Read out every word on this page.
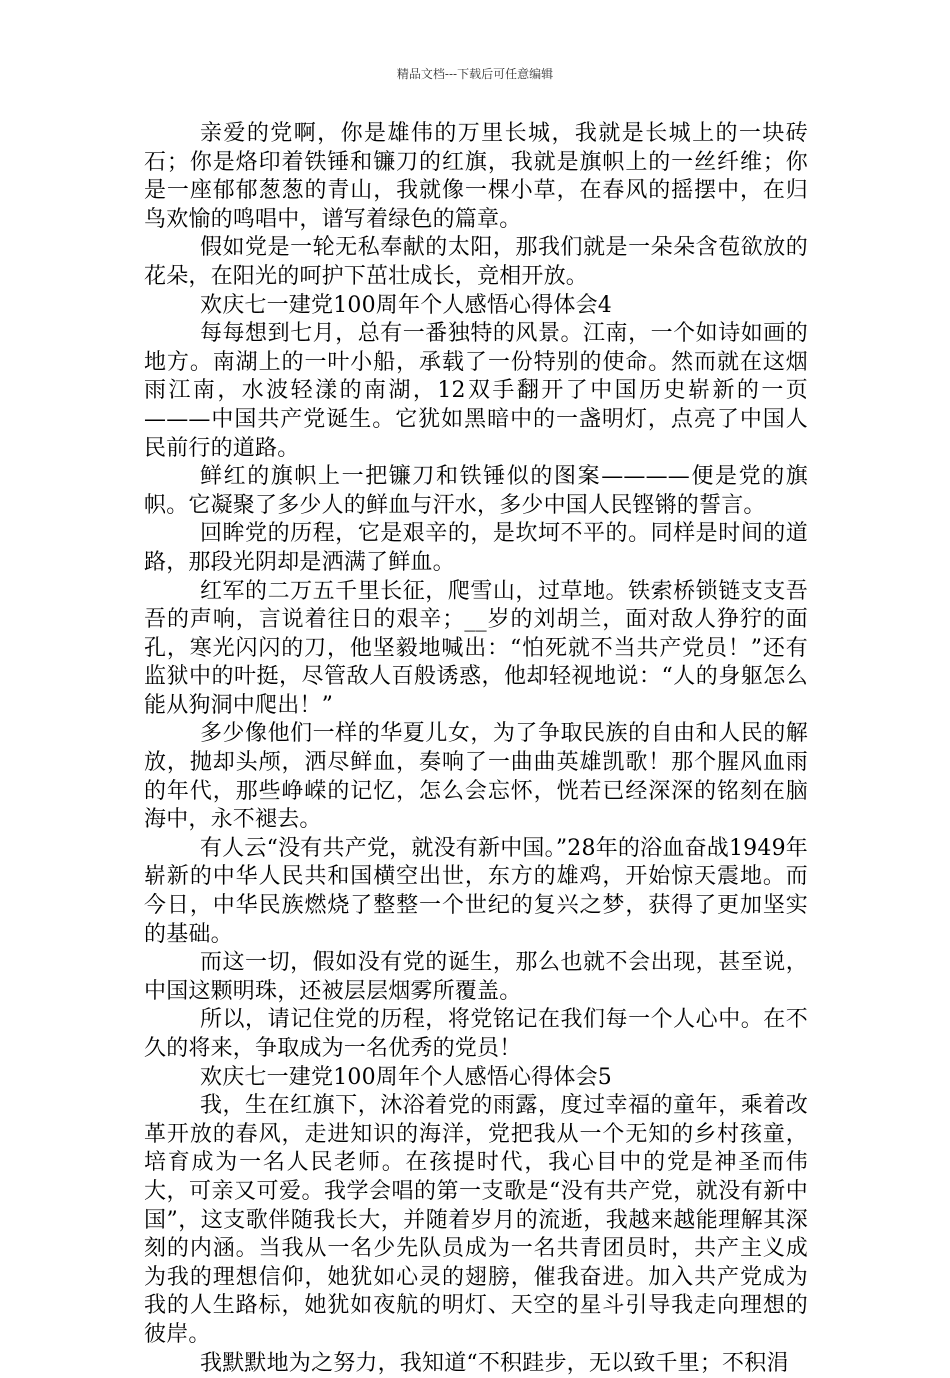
精品文档---下载后可任意编辑

亲爱的党啊，你是雄伟的万里长城，我就是长城上的一块砖石；你是烙印着铁锤和镰刀的红旗，我就是旗帜上的一丝纤维；你是一座郁郁葱葱的青山，我就像一棵小草，在春风的摇摆中，在归鸟欢愉的鸣唱中，谱写着绿色的篇章。

假如党是一轮无私奉献的太阳，那我们就是一朵朵含苞欲放的花朵，在阳光的呵护下茁壮成长，竞相开放。

欢庆七一建党100周年个人感悟心得体会4

每每想到七月，总有一番独特的风景。江南，一个如诗如画的地方。南湖上的一叶小船，承载了一份特别的使命。然而就在这烟雨江南，水波轻漾的南湖，12双手翻开了中国历史崭新的一页———中国共产党诞生。它犹如黑暗中的一盏明灯，点亮了中国人民前行的道路。

鲜红的旗帜上一把镰刀和铁锤似的图案————便是党的旗帜。它凝聚了多少人的鲜血与汗水，多少中国人民铿锵的誓言。

回眸党的历程，它是艰辛的，是坎坷不平的。同样是时间的道路，那段光阴却是洒满了鲜血。

红军的二万五千里长征，爬雪山，过草地。铁索桥锁链支支吾吾的声响，言说着往日的艰辛；__岁的刘胡兰，面对敌人狰狞的面孔，寒光闪闪的刀，他坚毅地喊出：“怕死就不当共产党员！”还有监狱中的叶挺，尽管敌人百般诱惑，他却轻视地说：“人的身躯怎么能从狗洞中爬出！”

多少像他们一样的华夏儿女，为了争取民族的自由和人民的解放，抛却头颅，洒尽鲜血，奏响了一曲曲英雄凯歌！那个腥风血雨的年代，那些峥嵘的记忆，怎么会忘怀，恍若已经深深的铭刻在脑海中，永不褪去。

有人云“没有共产党，就没有新中国。”28年的浴血奋战1949年崭新的中华人民共和国横空出世，东方的雄鸡，开始惊天震地。而今日，中华民族燃烧了整整一个世纪的复兴之梦，获得了更加坚实的基础。

而这一切，假如没有党的诞生，那么也就不会出现，甚至说，中国这颗明珠，还被层层烟雾所覆盖。

所以，请记住党的历程，将党铭记在我们每一个人心中。在不久的将来，争取成为一名优秀的党员！

欢庆七一建党100周年个人感悟心得体会5

我，生在红旗下，沐浴着党的雨露，度过幸福的童年，乘着改革开放的春风，走进知识的海洋，党把我从一个无知的乡村孩童，培育成为一名人民老师。在孩提时代，我心目中的党是神圣而伟大，可亲又可爱。我学会唱的第一支歌是“没有共产党，就没有新中国”，这支歌伴随我长大，并随着岁月的流逝，我越来越能理解其深刻的内涵。当我从一名少先队员成为一名共青团员时，共产主义成为我的理想信仰，她犹如心灵的翅膀，催我奋进。加入共产党成为我的人生路标，她犹如夜航的明灯、天空的星斗引导我走向理想的彼岸。

我默默地为之努力，我知道“不积跬步，无以致千里；不积涓
